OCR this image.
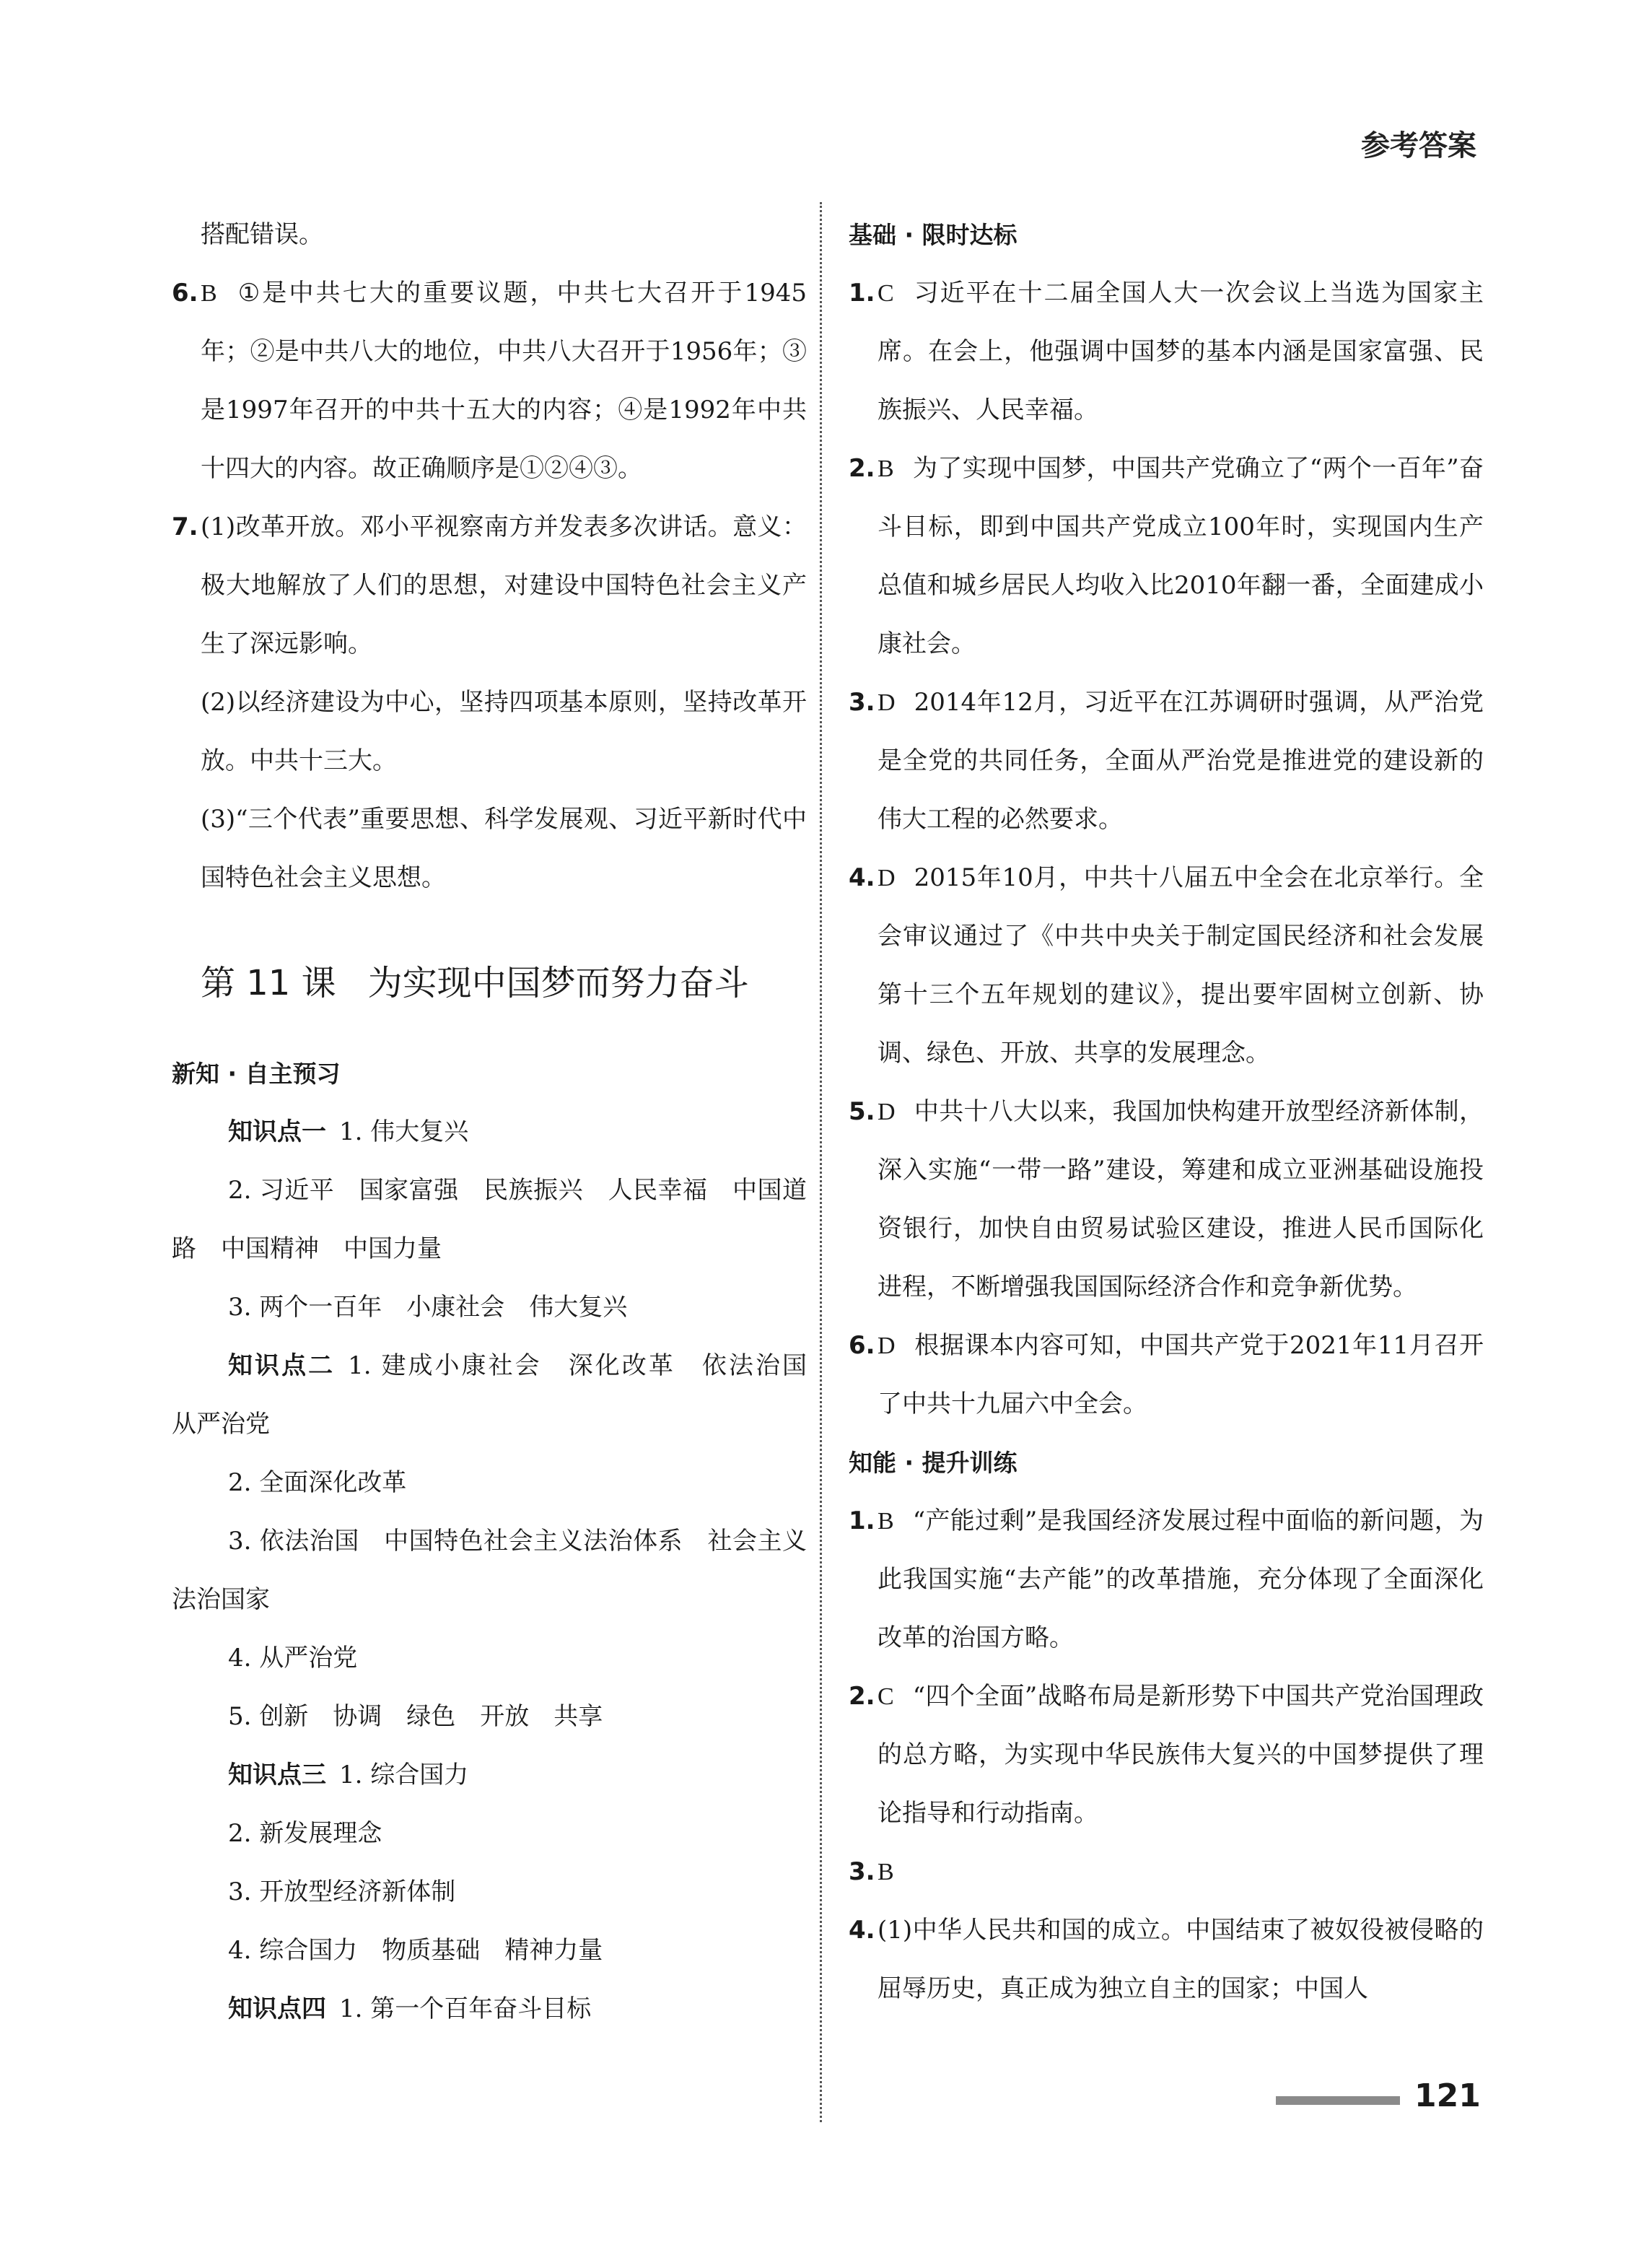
参考答案
搭配错误。
6. B ①是中共七大的重要议题，中共七大召开于1945年；②是中共八大的地位，中共八大召开于1956年；③是1997年召开的中共十五大的内容；④是1992年中共十四大的内容。故正确顺序是①②④③。
7. (1)改革开放。邓小平视察南方并发表多次讲话。意义：极大地解放了人们的思想，对建设中国特色社会主义产生了深远影响。
(2)以经济建设为中心，坚持四项基本原则，坚持改革开放。中共十三大。
(3)“三个代表”重要思想、科学发展观、习近平新时代中国特色社会主义思想。
第 11 课 为实现中国梦而努力奋斗
新知 · 自主预习
知识点一 1. 伟大复兴
2. 习近平　国家富强　民族振兴　人民幸福　中国道路　中国精神　中国力量
3. 两个一百年　小康社会　伟大复兴
知识点二 1. 建成小康社会　深化改革　依法治国　从严治党
2. 全面深化改革
3. 依法治国　中国特色社会主义法治体系　社会主义法治国家
4. 从严治党
5. 创新　协调　绿色　开放　共享
知识点三 1. 综合国力
2. 新发展理念
3. 开放型经济新体制
4. 综合国力　物质基础　精神力量
知识点四 1. 第一个百年奋斗目标
基础 · 限时达标
1. C 习近平在十二届全国人大一次会议上当选为国家主席。在会上，他强调中国梦的基本内涵是国家富强、民族振兴、人民幸福。
2. B 为了实现中国梦，中国共产党确立了“两个一百年”奋斗目标，即到中国共产党成立100年时，实现国内生产总值和城乡居民人均收入比2010年翻一番，全面建成小康社会。
3. D 2014年12月，习近平在江苏调研时强调，从严治党是全党的共同任务，全面从严治党是推进党的建设新的伟大工程的必然要求。
4. D 2015年10月，中共十八届五中全会在北京举行。全会审议通过了《中共中央关于制定国民经济和社会发展第十三个五年规划的建议》，提出要牢固树立创新、协调、绿色、开放、共享的发展理念。
5. D 中共十八大以来，我国加快构建开放型经济新体制，深入实施“一带一路”建设，筹建和成立亚洲基础设施投资银行，加快自由贸易试验区建设，推进人民币国际化进程，不断增强我国国际经济合作和竞争新优势。
6. D 根据课本内容可知，中国共产党于2021年11月召开了中共十九届六中全会。
知能 · 提升训练
1. B “产能过剩”是我国经济发展过程中面临的新问题，为此我国实施“去产能”的改革措施，充分体现了全面深化改革的治国方略。
2. C “四个全面”战略布局是新形势下中国共产党治国理政的总方略，为实现中华民族伟大复兴的中国梦提供了理论指导和行动指南。
3. B
4. (1)中华人民共和国的成立。中国结束了被奴役被侵略的屈辱历史，真正成为独立自主的国家；中国人
121
